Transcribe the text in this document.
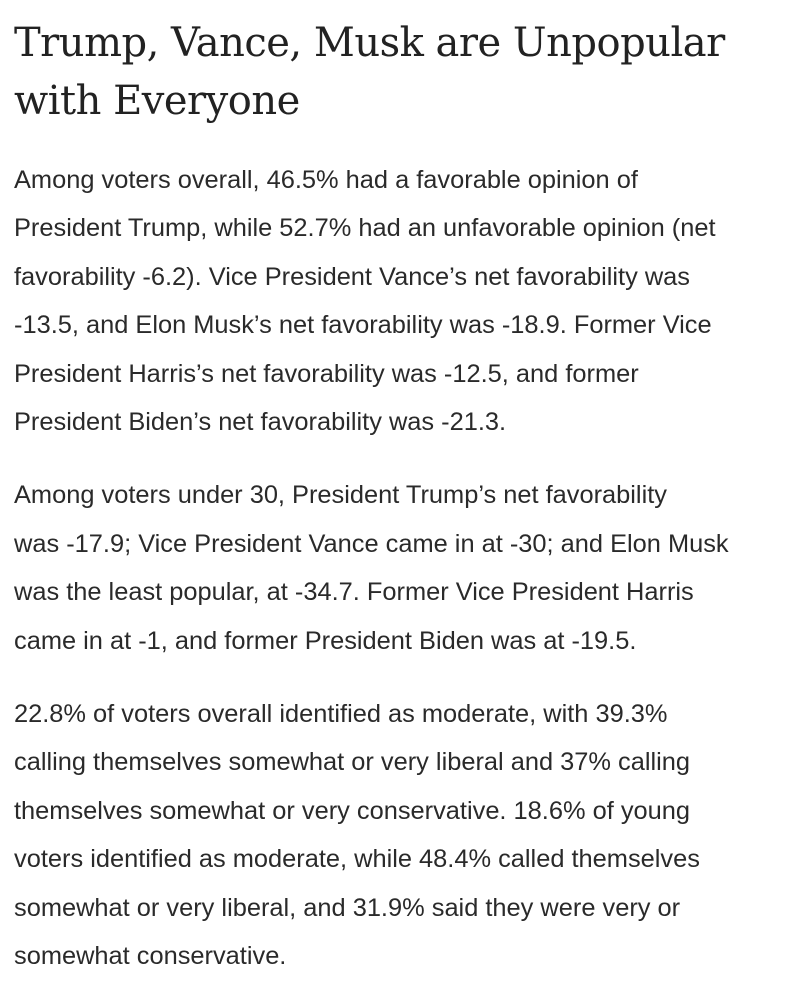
Trump, Vance, Musk are Unpopular
with Everyone

Among voters overall, 46.5% had a favorable opinion of
President Trump, while 52.7% had an unfavorable opinion (net
favorability -6.2). Vice President Vance’s net favorability was
-13.5, and Elon Musk’s net favorability was -18.9. Former Vice
President Harris’s net favorability was -12.5, and former
President Biden’s net favorability was -21.3.

Among voters under 30, President Trump’s net favorability
was -17.9; Vice President Vance came in at -30; and Elon Musk
was the least popular, at -34.7. Former Vice President Harris
came in at -1, and former President Biden was at -19.5.

22.8% of voters overall identified as moderate, with 39.3%
calling themselves somewhat or very liberal and 37% calling
themselves somewhat or very conservative. 18.6% of young
voters identified as moderate, while 48.4% called themselves
somewhat or very liberal, and 31.9% said they were very or
somewhat conservative.
